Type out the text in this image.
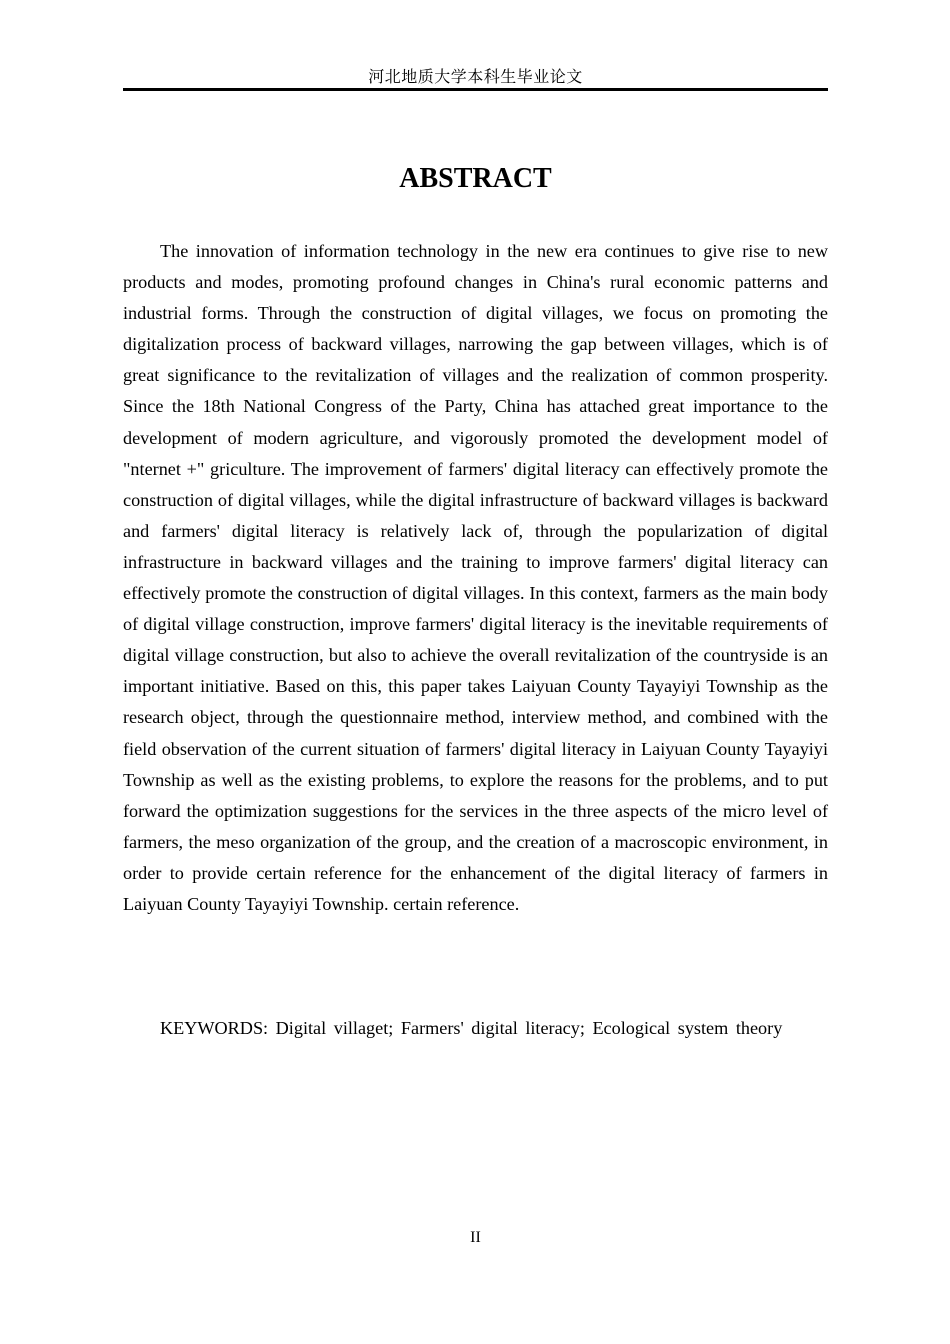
河北地质大学本科生毕业论文
ABSTRACT

The innovation of information technology in the new era continues to give rise to new products and modes, promoting profound changes in China's rural economic patterns and industrial forms. Through the construction of digital villages, we focus on promoting the digitalization process of backward villages, narrowing the gap between villages, which is of great significance to the revitalization of villages and the realization of common prosperity. Since the 18th National Congress of the Party, China has attached great importance to the development of modern agriculture, and vigorously promoted the development model of "nternet +" griculture. The improvement of farmers' digital literacy can effectively promote the construction of digital villages, while the digital infrastructure of backward villages is backward and farmers' digital literacy is relatively lack of, through the popularization of digital infrastructure in backward villages and the training to improve farmers' digital literacy can effectively promote the construction of digital villages. In this context, farmers as the main body of digital village construction, improve farmers' digital literacy is the inevitable requirements of digital village construction, but also to achieve the overall revitalization of the countryside is an important initiative. Based on this, this paper takes Laiyuan County Tayayiyi Township as the research object, through the questionnaire method, interview method, and combined with the field observation of the current situation of farmers' digital literacy in Laiyuan County Tayayiyi Township as well as the existing problems, to explore the reasons for the problems, and to put forward the optimization suggestions for the services in the three aspects of the micro level of farmers, the meso organization of the group, and the creation of a macroscopic environment, in order to provide certain reference for the enhancement of the digital literacy of farmers in Laiyuan County Tayayiyi Township. certain reference.

KEYWORDS: Digital villaget; Farmers' digital literacy; Ecological system theory

II
